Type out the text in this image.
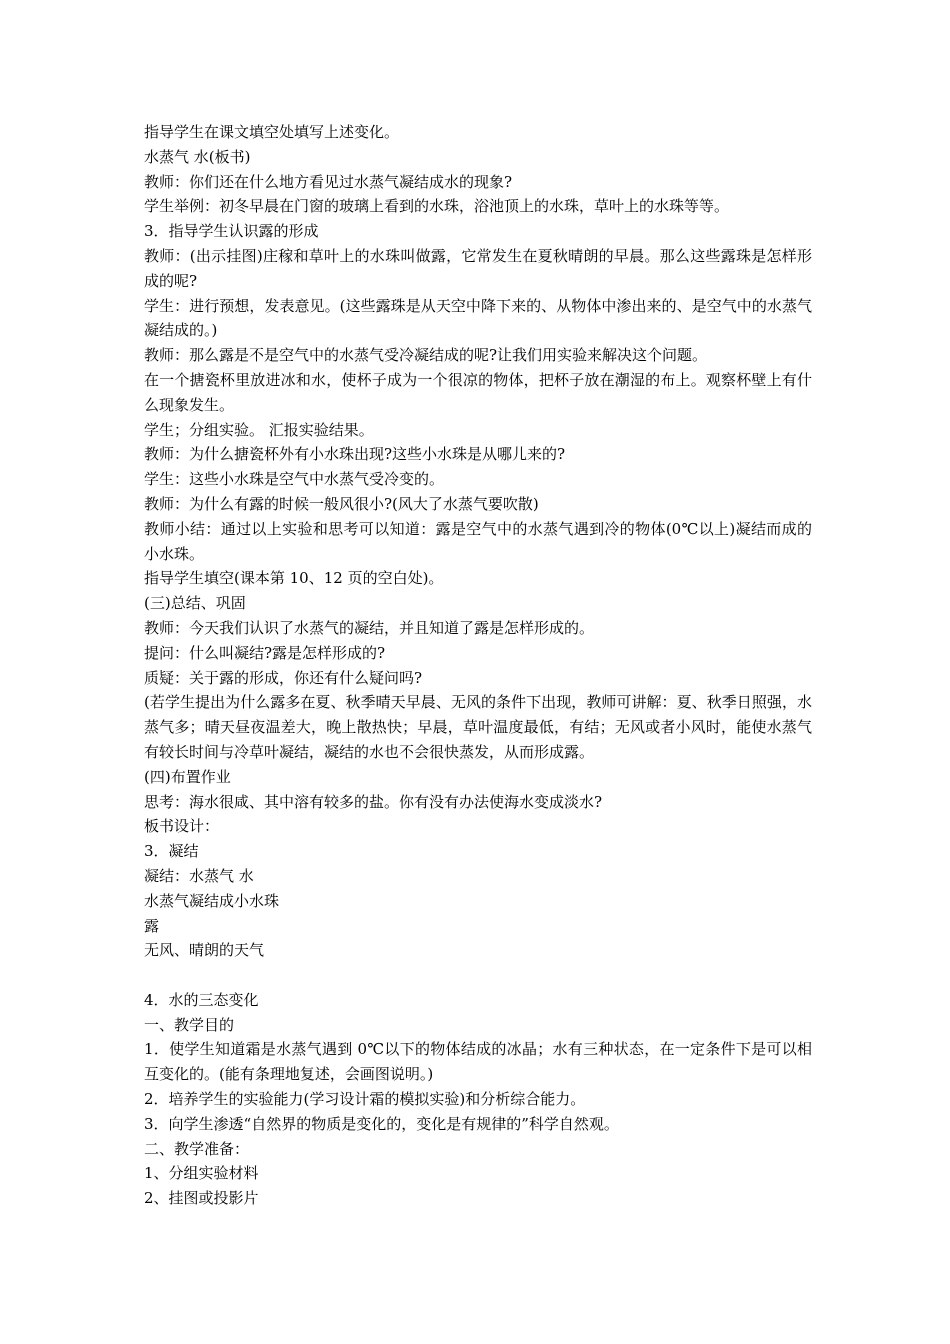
指导学生在课文填空处填写上述变化。

水蒸气 水(板书)

教师：你们还在什么地方看见过水蒸气凝结成水的现象?

学生举例：初冬早晨在门窗的玻璃上看到的水珠，浴池顶上的水珠，草叶上的水珠等等。

3．指导学生认识露的形成

教师：(出示挂图)庄稼和草叶上的水珠叫做露，它常发生在夏秋晴朗的早晨。那么这些露珠是怎样形成的呢?

学生：进行预想，发表意见。(这些露珠是从天空中降下来的、从物体中渗出来的、是空气中的水蒸气凝结成的。)

教师：那么露是不是空气中的水蒸气受冷凝结成的呢?让我们用实验来解决这个问题。

在一个搪瓷杯里放进冰和水，使杯子成为一个很凉的物体，把杯子放在潮湿的布上。观察杯壁上有什么现象发生。

学生；分组实验。 汇报实验结果。

教师：为什么搪瓷杯外有小水珠出现?这些小水珠是从哪儿来的?

学生：这些小水珠是空气中水蒸气受冷变的。

教师：为什么有露的时候一般风很小?(风大了水蒸气要吹散)

教师小结：通过以上实验和思考可以知道：露是空气中的水蒸气遇到冷的物体(0℃以上)凝结而成的小水珠。

指导学生填空(课本第 10、12 页的空白处)。

(三)总结、巩固

教师：今天我们认识了水蒸气的凝结，并且知道了露是怎样形成的。

提问：什么叫凝结?露是怎样形成的?

质疑：关于露的形成，你还有什么疑问吗?

(若学生提出为什么露多在夏、秋季晴天早晨、无风的条件下出现，教师可讲解：夏、秋季日照强，水蒸气多；晴天昼夜温差大，晚上散热快；早晨，草叶温度最低，有结；无风或者小风时，能使水蒸气有较长时间与冷草叶凝结，凝结的水也不会很快蒸发，从而形成露。

(四)布置作业

思考：海水很咸、其中溶有较多的盐。你有没有办法使海水变成淡水?

板书设计：

3．凝结

凝结：水蒸气 水

水蒸气凝结成小水珠

露

无风、晴朗的天气

4．水的三态变化

一、教学目的

1．使学生知道霜是水蒸气遇到 0℃以下的物体结成的冰晶；水有三种状态，在一定条件下是可以相互变化的。(能有条理地复述，会画图说明。)

2．培养学生的实验能力(学习设计霜的模拟实验)和分析综合能力。

3．向学生渗透“自然界的物质是变化的，变化是有规律的”科学自然观。

二、教学准备：

1、分组实验材料

2、挂图或投影片
